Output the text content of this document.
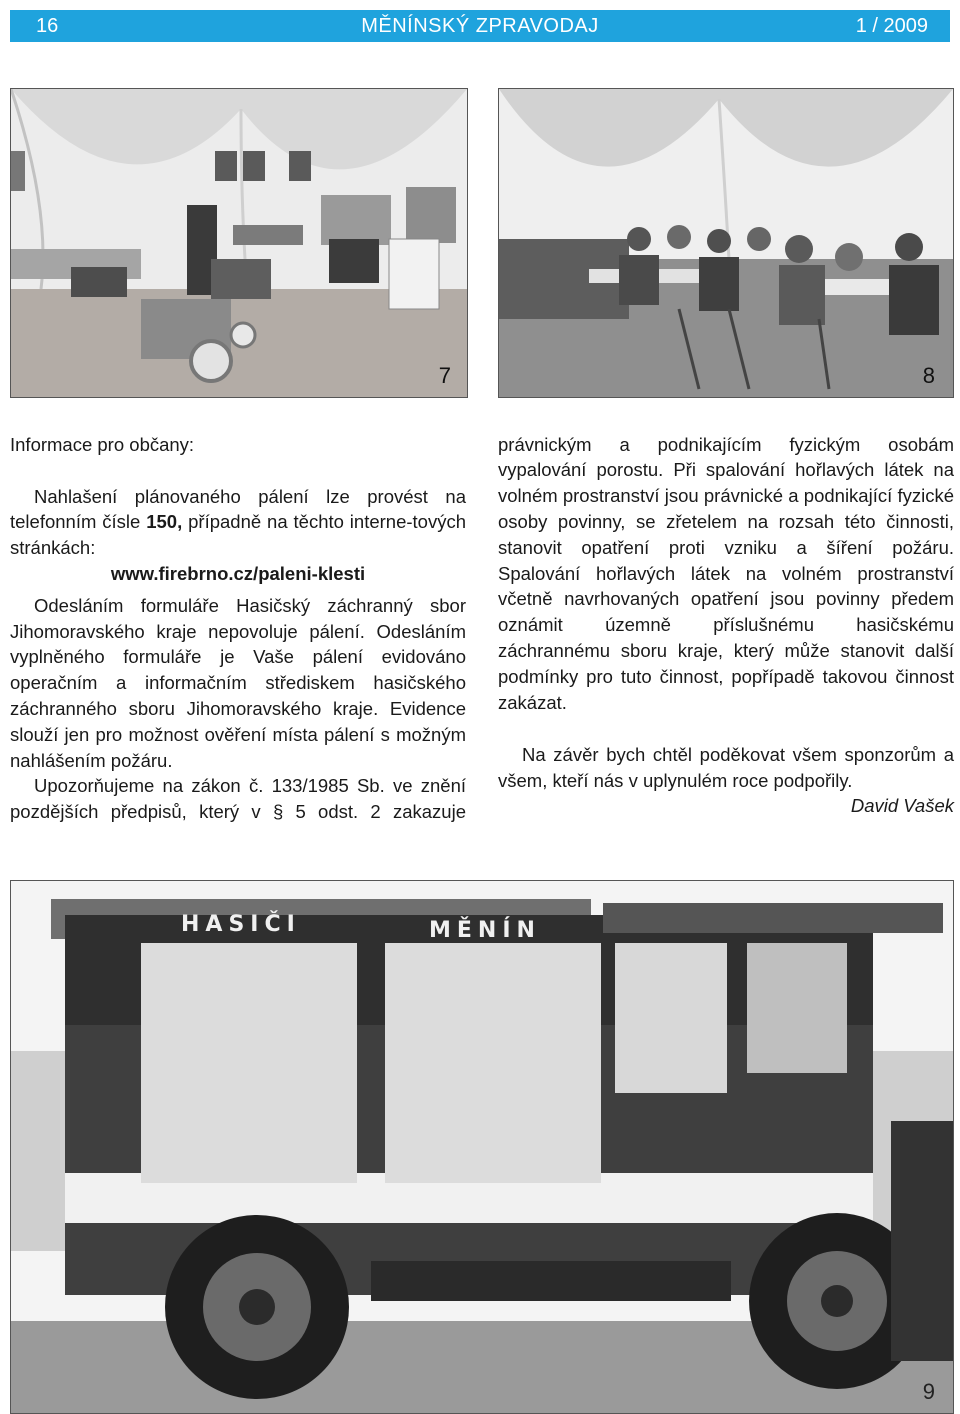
16	MĚNÍNSKÝ ZPRAVODAJ	1 / 2009
7	8

Informace pro občany:

Nahlašení plánovaného pálení lze provést na telefonním čísle 150, případně na těchto interne-tových stránkách:

www.firebrno.cz/paleni-klesti

Odesláním formuláře Hasičský záchranný sbor Jihomoravského kraje nepovoluje pálení. Odesláním vyplněného formuláře je Vaše pálení evidováno operačním a informačním střediskem hasičského záchranného sboru Jihomoravského kraje. Evidence slouží jen pro možnost ověření místa pálení s možným nahlášením požáru.

Upozorňujeme na zákon č. 133/1985 Sb. ve znění pozdějších předpisů, který v § 5 odst. 2 zakazuje

právnickým a podnikajícím fyzickým osobám vypalování porostu. Při spalování hořlavých látek na volném prostranství jsou právnické a podnikající fyzické osoby povinny, se zřetelem na rozsah této činnosti, stanovit opatření proti vzniku a šíření požáru. Spalování hořlavých látek na volném prostranství včetně navrhovaných opatření jsou povinny předem oznámit územně příslušnému hasičskému záchrannému sboru kraje, který může stanovit další podmínky pro tuto činnost, popřípadě takovou činnost zakázat.

Na závěr bych chtěl poděkovat všem sponzorům a všem, kteří nás v uplynulém roce podpořily.

David Vašek

HASIČI	MĚNÍN
9
